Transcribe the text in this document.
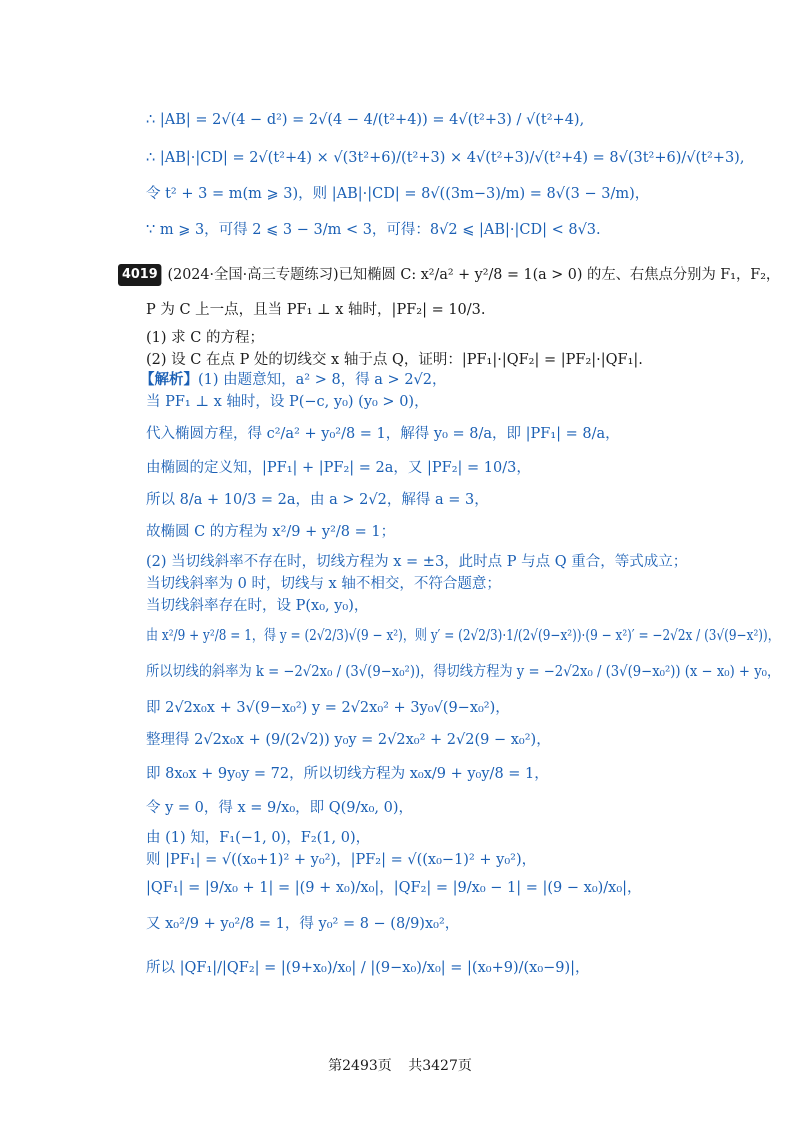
∴ |AB| = 2√(4 − d²) = 2√(4 − 4/(t²+4)) = 4√(t²+3) / √(t²+4),
∴ |AB|·|CD| = 2√(t²+4) × √(3t²+6)/(t²+3) × 4√(t²+3)/√(t²+4) = 8√(3t²+6)/√(t²+3),
令 t² + 3 = m(m ⩾ 3)，则 |AB|·|CD| = 8√((3m−3)/m) = 8√(3 − 3/m)，
∵ m ⩾ 3，可得 2 ⩽ 3 − 3/m < 3，可得：8√2 ⩽ |AB|·|CD| < 8√3.
4019 (2024·全国·高三专题练习)已知椭圆 C: x²/a² + y²/8 = 1(a > 0) 的左、右焦点分别为 F₁，F₂，
P 为 C 上一点，且当 PF₁ ⊥ x 轴时，|PF₂| = 10/3.
(1) 求 C 的方程；
(2) 设 C 在点 P 处的切线交 x 轴于点 Q，证明：|PF₁|·|QF₂| = |PF₂|·|QF₁|.
【解析】(1) 由题意知，a² > 8，得 a > 2√2，
当 PF₁ ⊥ x 轴时，设 P(−c, y₀) (y₀ > 0)，
代入椭圆方程，得 c²/a² + y₀²/8 = 1，解得 y₀ = 8/a，即 |PF₁| = 8/a，
由椭圆的定义知，|PF₁| + |PF₂| = 2a，又 |PF₂| = 10/3，
所以 8/a + 10/3 = 2a，由 a > 2√2，解得 a = 3，
故椭圆 C 的方程为 x²/9 + y²/8 = 1；
(2) 当切线斜率不存在时，切线方程为 x = ±3，此时点 P 与点 Q 重合，等式成立；
当切线斜率为 0 时，切线与 x 轴不相交，不符合题意；
当切线斜率存在时，设 P(x₀, y₀)，
由 x²/9 + y²/8 = 1，得 y = (2√2/3)√(9 − x²)，则 y′ = (2√2/3)·1/(2√(9−x²))·(9 − x²)′ = −2√2x / (3√(9−x²))，
所以切线的斜率为 k = −2√2x₀ / (3√(9−x₀²))，得切线方程为 y = −2√2x₀ / (3√(9−x₀²)) (x − x₀) + y₀，
即 2√2x₀x + 3√(9−x₀²) y = 2√2x₀² + 3y₀√(9−x₀²)，
整理得 2√2x₀x + (9/(2√2)) y₀y = 2√2x₀² + 2√2(9 − x₀²)，
即 8x₀x + 9y₀y = 72，所以切线方程为 x₀x/9 + y₀y/8 = 1，
令 y = 0，得 x = 9/x₀，即 Q(9/x₀, 0)，
由 (1) 知，F₁(−1, 0)，F₂(1, 0)，
则 |PF₁| = √((x₀+1)² + y₀²)，|PF₂| = √((x₀−1)² + y₀²)，
|QF₁| = |9/x₀ + 1| = |(9 + x₀)/x₀|，|QF₂| = |9/x₀ − 1| = |(9 − x₀)/x₀|，
又 x₀²/9 + y₀²/8 = 1，得 y₀² = 8 − (8/9)x₀²，
所以 |QF₁|/|QF₂| = |(9+x₀)/x₀| / |(9−x₀)/x₀| = |(x₀+9)/(x₀−9)|，
第2493页 共3427页
